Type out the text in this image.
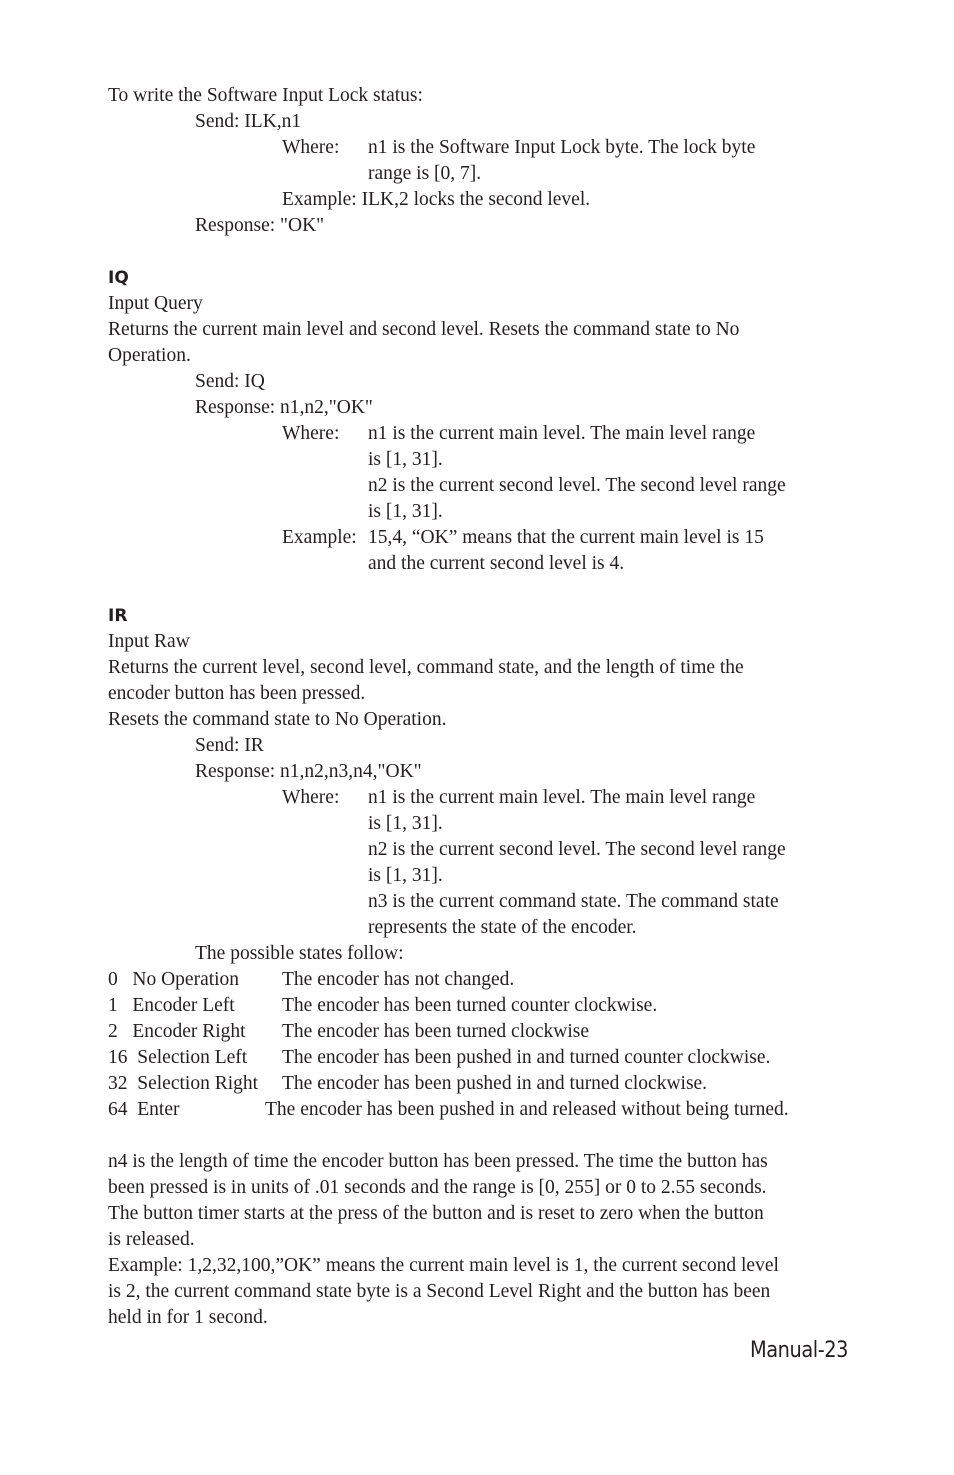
To write the Software Input Lock status:
Send: ILK,n1
Where: n1 is the Software Input Lock byte. The lock byte
range is [0, 7].
Example: ILK,2 locks the second level.
Response: "OK"
IQ
Input Query
Returns the current main level and second level. Resets the command state to No
Operation.
Send: IQ
Response: n1,n2,"OK"
Where: n1 is the current main level. The main level range
is [1, 31].
n2 is the current second level. The second level range
is [1, 31].
Example: 15,4, “OK” means that the current main level is 15
and the current second level is 4.
IR
Input Raw
Returns the current level, second level, command state, and the length of time the
encoder button has been pressed.
Resets the command state to No Operation.
Send: IR
Response: n1,n2,n3,n4,"OK"
Where: n1 is the current main level. The main level range
is [1, 31].
n2 is the current second level. The second level range
is [1, 31].
n3 is the current command state. The command state
represents the state of the encoder.
The possible states follow:
0   No Operation The encoder has not changed.
1   Encoder Left The encoder has been turned counter clockwise.
2   Encoder Right The encoder has been turned clockwise
16  Selection Left The encoder has been pushed in and turned counter clockwise.
32  Selection Right The encoder has been pushed in and turned clockwise.
64  Enter	The encoder has been pushed in and released without being turned.
n4 is the length of time the encoder button has been pressed. The time the button has
been pressed is in units of .01 seconds and the range is [0, 255] or 0 to 2.55 seconds.
The button timer starts at the press of the button and is reset to zero when the button
is released.
Example: 1,2,32,100,”OK” means the current main level is 1, the current second level
is 2, the current command state byte is a Second Level Right and the button has been
held in for 1 second.
Manual-23
